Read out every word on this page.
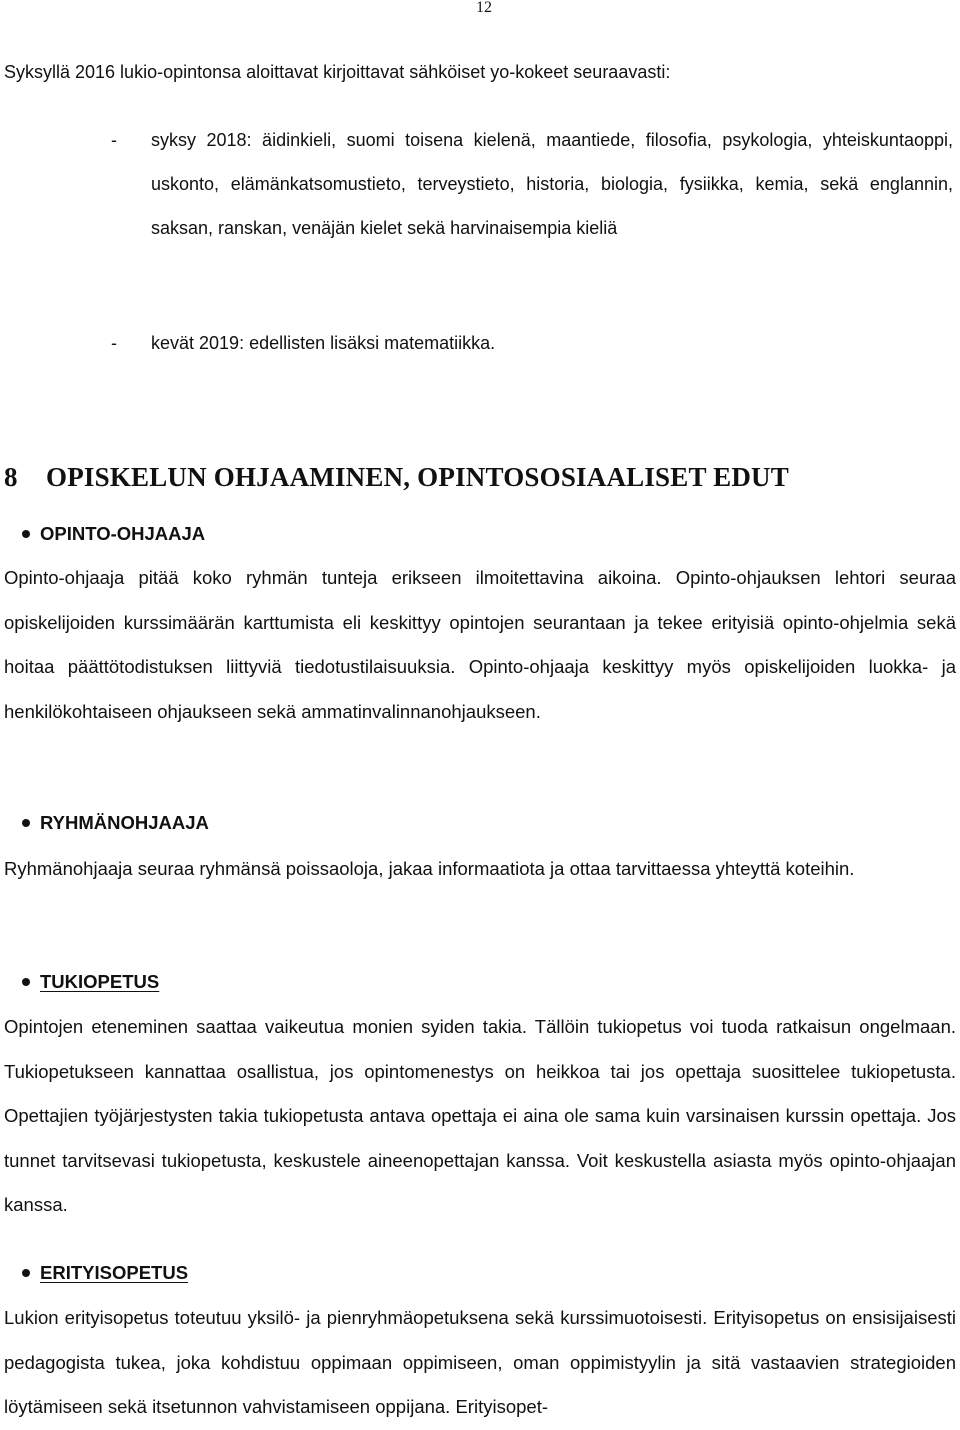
12

Syksyllä 2016 lukio-opintonsa aloittavat kirjoittavat sähköiset yo-kokeet seuraavasti:

-	syksy 2018: äidinkieli, suomi toisena kielenä, maantiede, filosofia, psykologia, yhteiskuntaoppi, uskonto, elämänkatsomustieto, terveystieto, historia, biologia, fysiikka, kemia, sekä englannin, saksan, ranskan, venäjän kielet sekä harvinaisempia kieliä
-	kevät 2019: edellisten lisäksi matematiikka.
8 OPISKELUN OHJAAMINEN, OPINTOSOSIAALISET EDUT
OPINTO-OHJAAJA

Opinto-ohjaaja pitää koko ryhmän tunteja erikseen ilmoitettavina aikoina. Opinto-ohjauksen lehtori seuraa opiskelijoiden kurssimäärän karttumista eli keskittyy opintojen seurantaan ja tekee erityisiä opinto-ohjelmia sekä hoitaa päättötodistuksen liittyviä tiedotustilaisuuksia. Opinto-ohjaaja keskittyy myös opiskelijoiden luokka- ja henkilökohtaiseen ohjaukseen sekä ammatinvalinnanohjaukseen.

RYHMÄNOHJAAJA

Ryhmänohjaaja seuraa ryhmänsä poissaoloja, jakaa informaatiota ja ottaa tarvittaessa yhteyttä koteihin.

TUKIOPETUS

Opintojen eteneminen saattaa vaikeutua monien syiden takia. Tällöin tukiopetus voi tuoda ratkaisun ongelmaan. Tukiopetukseen kannattaa osallistua, jos opintomenestys on heikkoa tai jos opettaja suosittelee tukiopetusta. Opettajien työjärjestysten takia tukiopetusta antava opettaja ei aina ole sama kuin varsinaisen kurssin opettaja. Jos tunnet tarvitsevasi tukiopetusta, keskustele aineenopettajan kanssa. Voit keskustella asiasta myös opinto-ohjaajan kanssa.

ERITYISOPETUS

Lukion erityisopetus toteutuu yksilö- ja pienryhmäopetuksena sekä kurssimuotoisesti. Erityisopetus on ensisijaisesti pedagogista tukea, joka kohdistuu oppimaan oppimiseen, oman oppimistyylin ja sitä vastaavien strategioiden löytämiseen sekä itsetunnon vahvistamiseen oppijana. Erityisopet-
